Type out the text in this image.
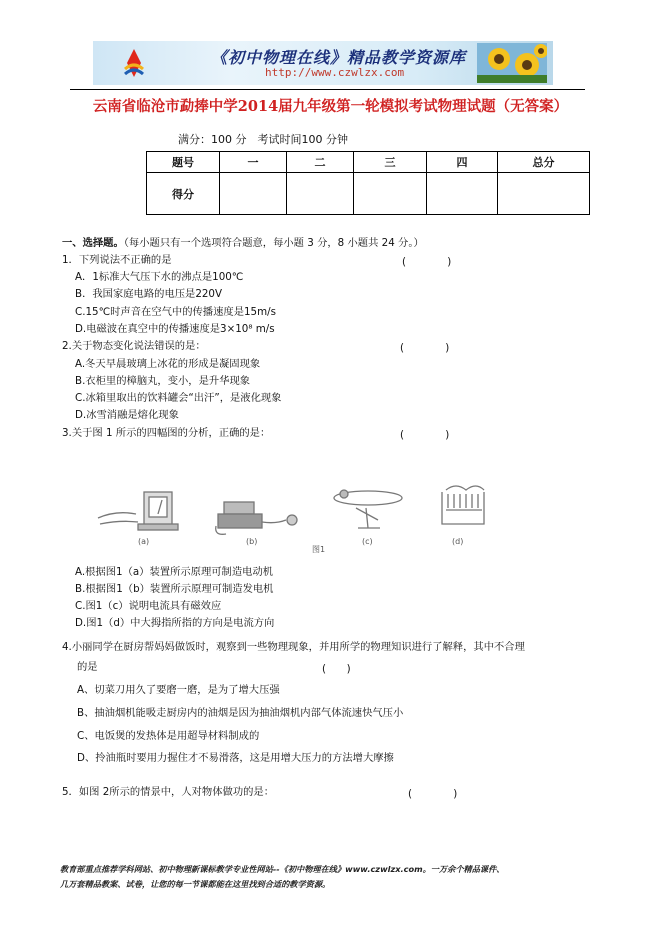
《初中物理在线》精品教学资源库
http://www.czwlzx.com
云南省临沧市勐捧中学2014届九年级第一轮模拟考试物理试题（无答案）
满分：100 分　考试时间100 分钟
题号	一	二	三	四	总分
得分					
一、选择题。（每小题只有一个选项符合题意，每小题 3 分，8 小题共 24 分。）
1．下列说法不正确的是	(　　　　)
A．1标准大气压下水的沸点是100℃
B．我国家庭电路的电压是220V
C.15℃时声音在空气中的传播速度是15m/s
D.电磁波在真空中的传播速度是3×10⁸ m/s
2.关于物态变化说法错误的是：	(　　　　)
A.冬天早晨玻璃上冰花的形成是凝固现象
B.衣柜里的樟脑丸，变小，是升华现象
C.冰箱里取出的饮料罐会“出汗”，是液化现象
D.冰雪消融是熔化现象
3.关于图 1 所示的四幅图的分析，正确的是：	(　　　　)
(a)	(b)	(c)	(d)
图1
A.根据图1（a）装置所示原理可制造电动机
B.根据图1（b）装置所示原理可制造发电机
C.图1（c）说明电流具有磁效应
D.图1（d）中大拇指所指的方向是电流方向
4.小丽同学在厨房帮妈妈做饭时，观察到一些物理现象，并用所学的物理知识进行了解释，其中不合理
的是	(　　)
A、切菜刀用久了要磨一磨，是为了增大压强
B、抽油烟机能吸走厨房内的油烟是因为抽油烟机内部气体流速快气压小
C、电饭煲的发热体是用超导材料制成的
D、拎油瓶时要用力握住才不易滑落，这是用增大压力的方法增大摩擦
5．如图 2所示的情景中，人对物体做功的是：	(　　　　)
教育部重点推荐学科网站、初中物理新课标教学专业性网站--《初中物理在线》www.czwlzx.com。一万余个精品课件、
几万套精品教案、试卷，让您的每一节课都能在这里找到合适的教学资源。
